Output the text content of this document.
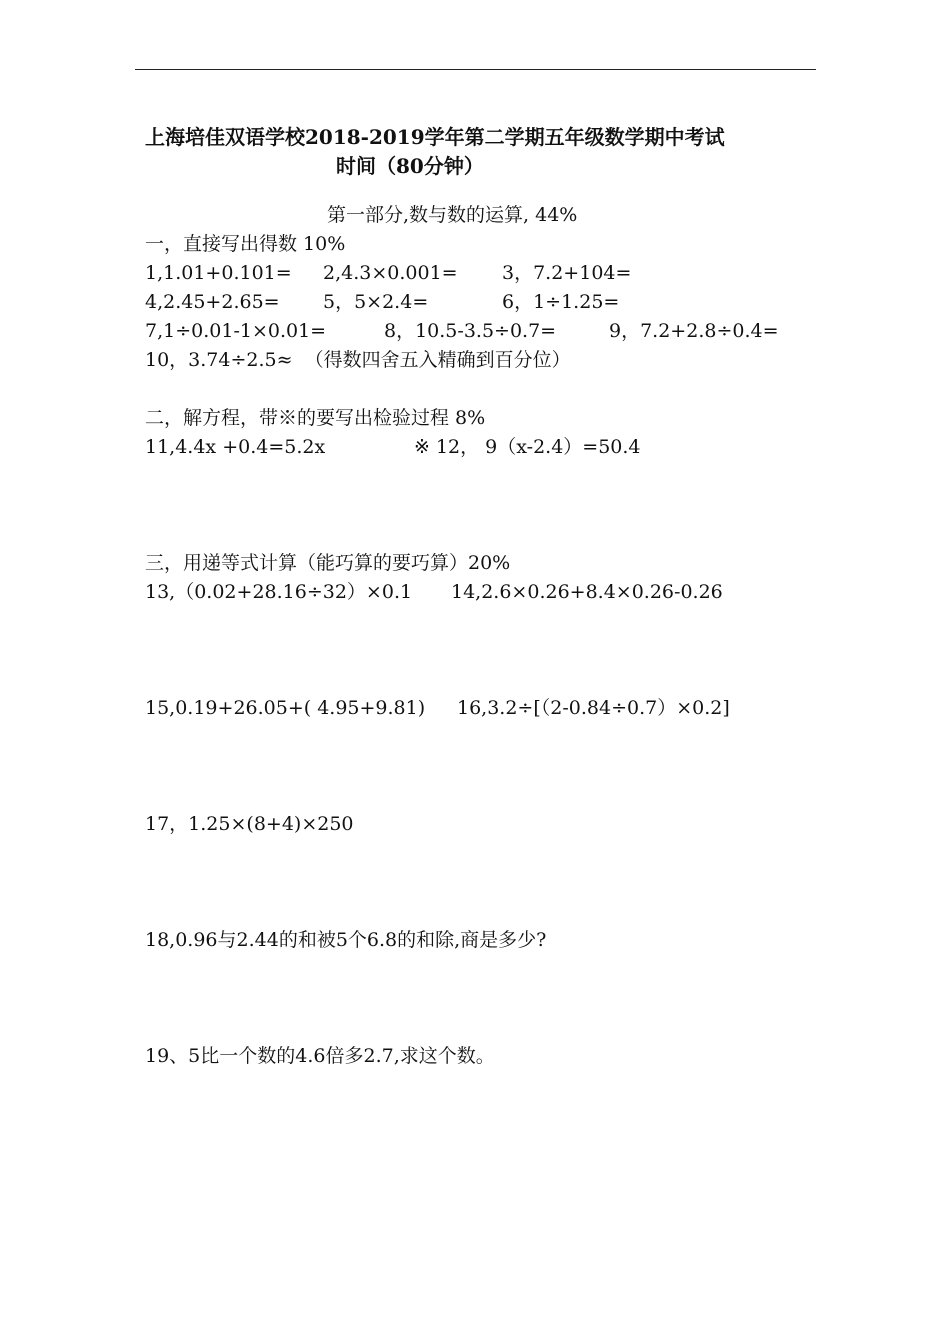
上海培佳双语学校2018-2019学年第二学期五年级数学期中考试
时间（80分钟）
第一部分,数与数的运算, 44%
一，直接写出得数 10%
1,1.01+0.101= 2,4.3×0.001= 3，7.2+104=
4,2.45+2.65= 5，5×2.4=	6，1÷1.25=
7,1÷0.01-1×0.01=	8，10.5-3.5÷0.7=	9，7.2+2.8÷0.4=
10，3.74÷2.5≈  （得数四舍五入精确到百分位）
二，解方程，带※的要写出检验过程 8%
11,4.4x +0.4=5.2x	※ 12， 9（x-2.4）=50.4
三，用递等式计算（能巧算的要巧算）20%
13,（0.02+28.16÷32）×0.1 14,2.6×0.26+8.4×0.26-0.26
15,0.19+26.05+( 4.95+9.81) 16,3.2÷[（2-0.84÷0.7）×0.2]
17，1.25×(8+4)×250
18,0.96与2.44的和被5个6.8的和除,商是多少?
19、5比一个数的4.6倍多2.7,求这个数。
